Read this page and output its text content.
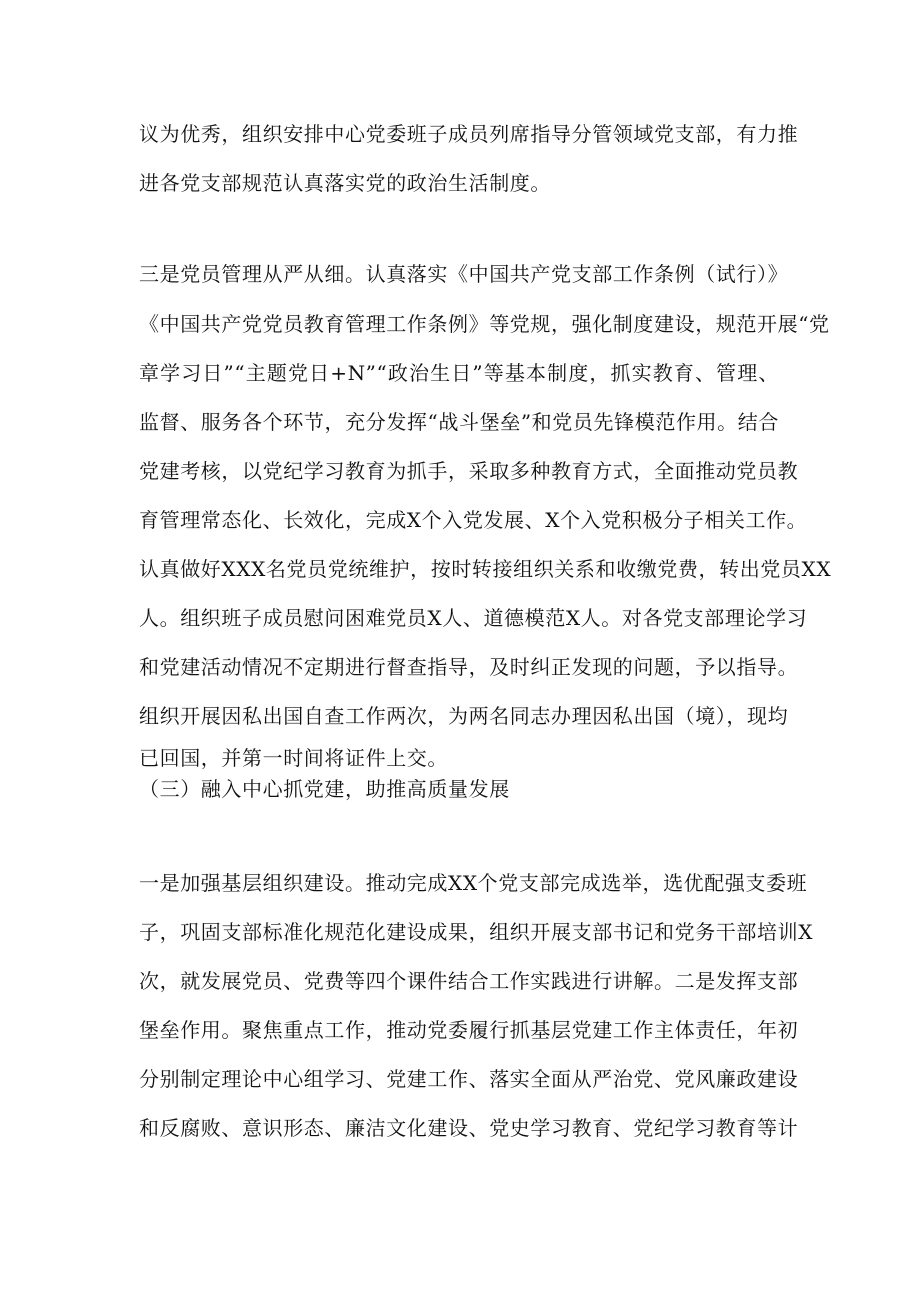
议为优秀，组织安排中心党委班子成员列席指导分管领域党支部，有力推
进各党支部规范认真落实党的政治生活制度。
三是党员管理从严从细。认真落实《中国共产党支部工作条例（试行）》
《中国共产党党员教育管理工作条例》等党规，强化制度建设，规范开展“党
章学习日”“主题党日+N”“政治生日”等基本制度，抓实教育、管理、
监督、服务各个环节，充分发挥“战斗堡垒”和党员先锋模范作用。结合
党建考核，以党纪学习教育为抓手，采取多种教育方式，全面推动党员教
育管理常态化、长效化，完成X个入党发展、X个入党积极分子相关工作。
认真做好XXX名党员党统维护，按时转接组织关系和收缴党费，转出党员XX
人。组织班子成员慰问困难党员X人、道德模范X人。对各党支部理论学习
和党建活动情况不定期进行督查指导，及时纠正发现的问题，予以指导。
组织开展因私出国自查工作两次，为两名同志办理因私出国（境），现均
已回国，并第一时间将证件上交。
（三）融入中心抓党建，助推高质量发展
一是加强基层组织建设。推动完成XX个党支部完成选举，选优配强支委班
子，巩固支部标准化规范化建设成果，组织开展支部书记和党务干部培训X
次，就发展党员、党费等四个课件结合工作实践进行讲解。二是发挥支部
堡垒作用。聚焦重点工作，推动党委履行抓基层党建工作主体责任，年初
分别制定理论中心组学习、党建工作、落实全面从严治党、党风廉政建设
和反腐败、意识形态、廉洁文化建设、党史学习教育、党纪学习教育等计
